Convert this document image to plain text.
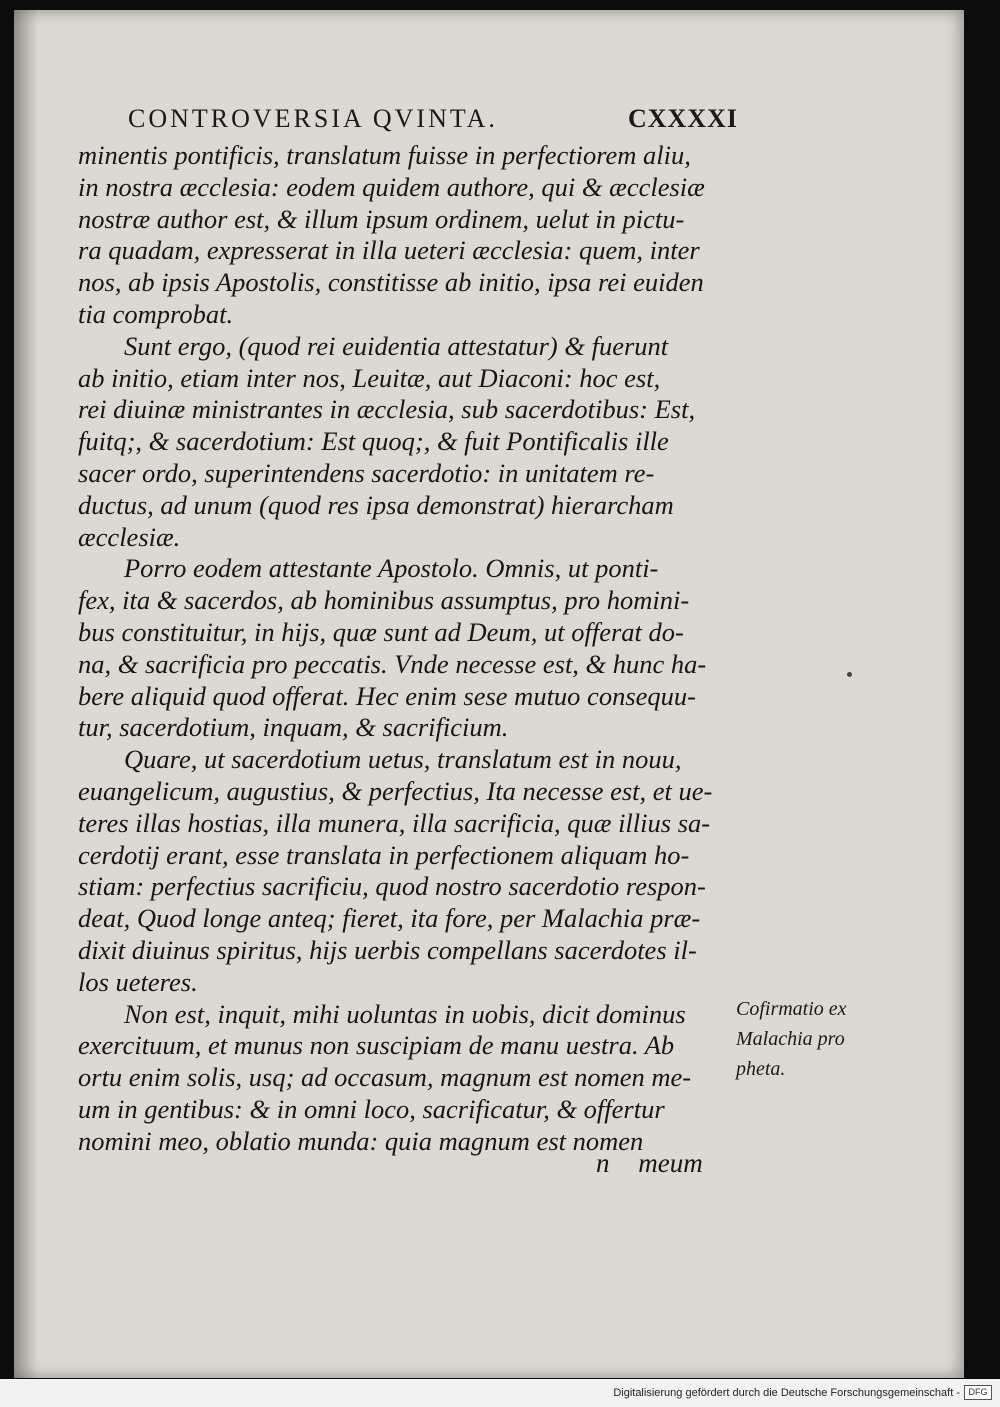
CONTROVERSIA QVINTA.	CXXXXI
minentis pontificis, translatum fuisse in perfectiorem aliu,
in nostra æcclesia: eodem quidem authore, qui & æcclesiæ
nostræ author est, & illum ipsum ordinem, uelut in pictu-
ra quadam, expresserat in illa ueteri æcclesia: quem, inter
nos, ab ipsis Apostolis, constitisse ab initio, ipsa rei euiden
tia comprobat.
Sunt ergo, (quod rei euidentia attestatur) & fuerunt
ab initio, etiam inter nos, Leuitæ, aut Diaconi: hoc est,
rei diuinæ ministrantes in æcclesia, sub sacerdotibus: Est,
fuitq;, & sacerdotium: Est quoq;, & fuit Pontificalis ille
sacer ordo, superintendens sacerdotio: in unitatem re-
ductus, ad unum (quod res ipsa demonstrat) hierarcham
æcclesiæ.
Porro eodem attestante Apostolo. Omnis, ut ponti-
fex, ita & sacerdos, ab hominibus assumptus, pro homini-
bus constituitur, in hijs, quæ sunt ad Deum, ut offerat do-
na, & sacrificia pro peccatis. Vnde necesse est, & hunc ha-
bere aliquid quod offerat. Hec enim sese mutuo consequu-
tur, sacerdotium, inquam, & sacrificium.
Quare, ut sacerdotium uetus, translatum est in nouu,
euangelicum, augustius, & perfectius, Ita necesse est, et ue-
teres illas hostias, illa munera, illa sacrificia, quæ illius sa-
cerdotij erant, esse translata in perfectionem aliquam ho-
stiam: perfectius sacrificiu, quod nostro sacerdotio respon-
deat, Quod longe anteq; fieret, ita fore, per Malachia præ-
dixit diuinus spiritus, hijs uerbis compellans sacerdotes il-
los ueteres.
Non est, inquit, mihi uoluntas in uobis, dicit dominus
exercituum, et munus non suscipiam de manu uestra. Ab
ortu enim solis, usq; ad occasum, magnum est nomen me-
um in gentibus: & in omni loco, sacrificatur, & offertur
nomini meo, oblatio munda: quia magnum est nomen
n meum
Cofirmatio ex
Malachia pro
pheta.
Digitalisierung gefördert durch die Deutsche Forschungsgemeinschaft - DFG
